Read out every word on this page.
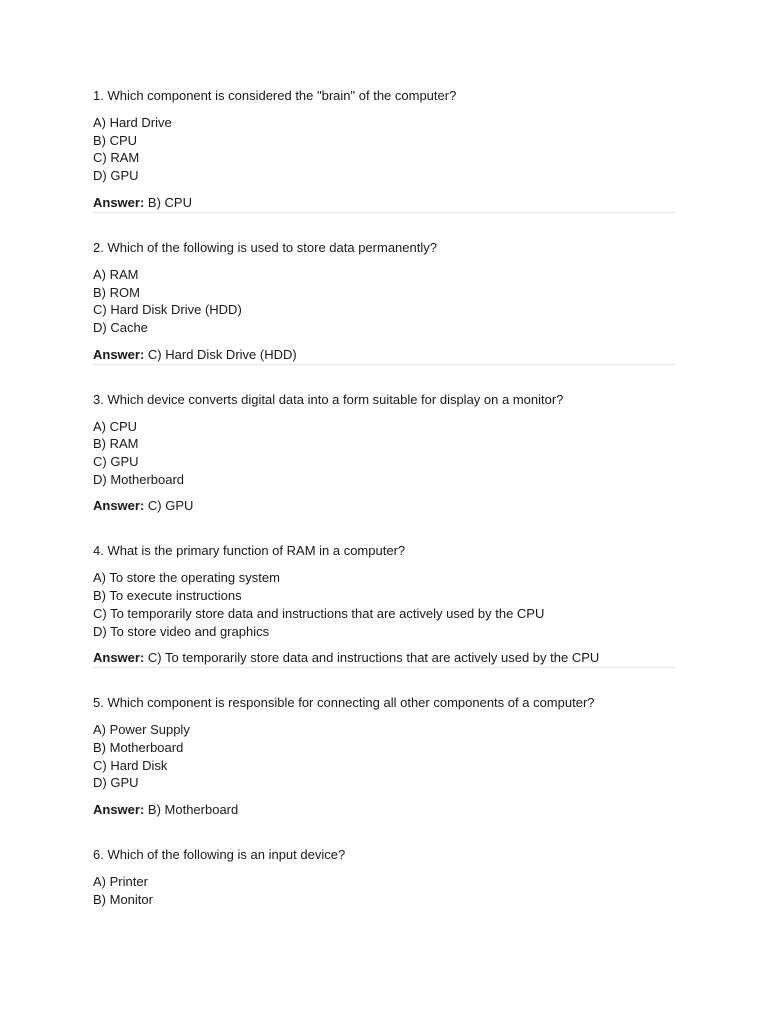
1. Which component is considered the "brain" of the computer?

A) Hard Drive
B) CPU
C) RAM
D) GPU
Answer: B) CPU

2. Which of the following is used to store data permanently?

A) RAM
B) ROM
C) Hard Disk Drive (HDD)
D) Cache
Answer: C) Hard Disk Drive (HDD)

3. Which device converts digital data into a form suitable for display on a monitor?

A) CPU
B) RAM
C) GPU
D) Motherboard
Answer: C) GPU

4. What is the primary function of RAM in a computer?

A) To store the operating system
B) To execute instructions
C) To temporarily store data and instructions that are actively used by the CPU
D) To store video and graphics
Answer: C) To temporarily store data and instructions that are actively used by the CPU

5. Which component is responsible for connecting all other components of a computer?

A) Power Supply
B) Motherboard
C) Hard Disk
D) GPU
Answer: B) Motherboard

6. Which of the following is an input device?

A) Printer
B) Monitor
